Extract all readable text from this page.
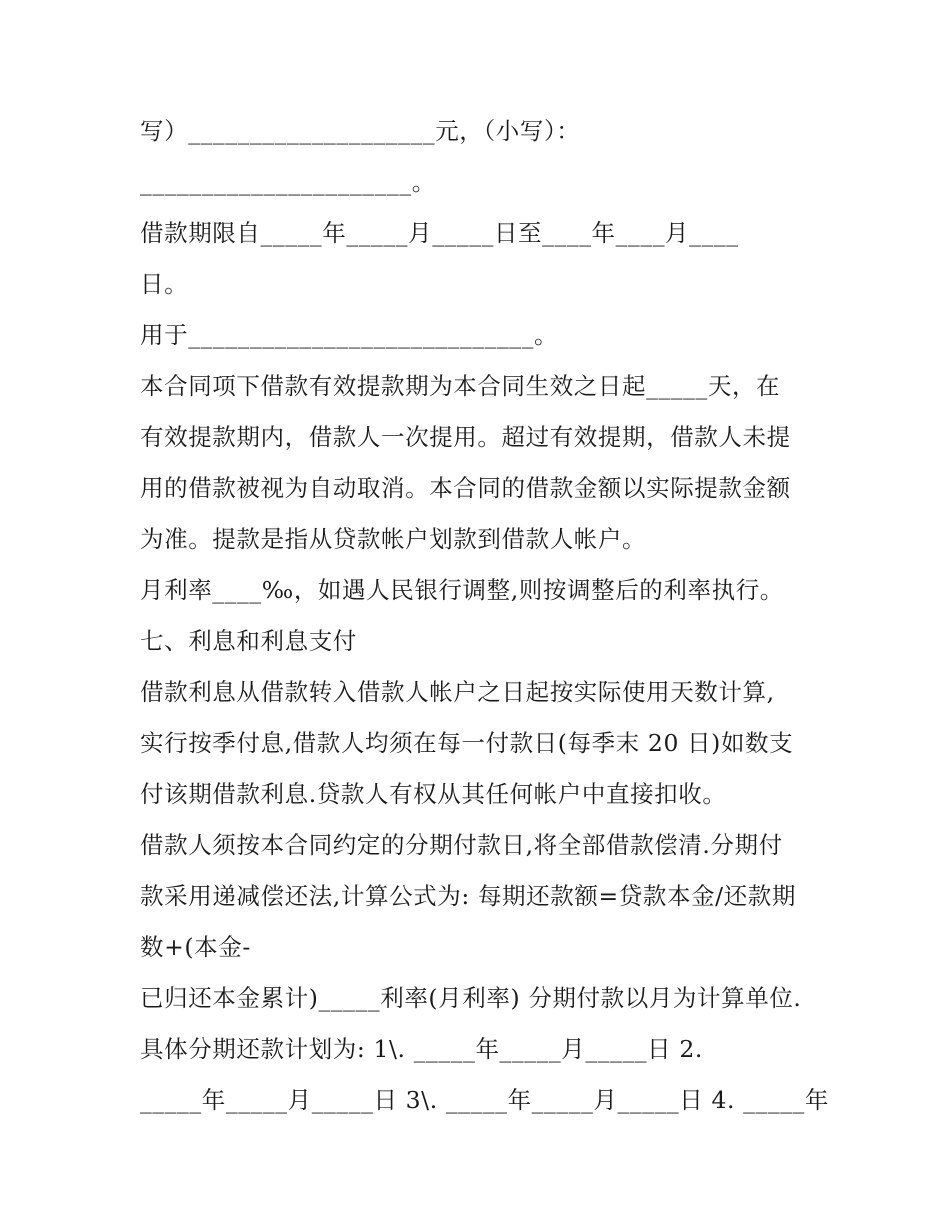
写）____________________元，（小写）：
______________________。
借款期限自_____年_____月_____日至____年____月____
日。
用于____________________________。
本合同项下借款有效提款期为本合同生效之日起_____天，在
有效提款期内，借款人一次提用。超过有效提期，借款人未提
用的借款被视为自动取消。本合同的借款金额以实际提款金额
为准。提款是指从贷款帐户划款到借款人帐户。
月利率____‰，如遇人民银行调整,则按调整后的利率执行。
七、利息和利息支付
借款利息从借款转入借款人帐户之日起按实际使用天数计算,
实行按季付息,借款人均须在每一付款日(每季末 20 日)如数支
付该期借款利息.贷款人有权从其任何帐户中直接扣收。
借款人须按本合同约定的分期付款日,将全部借款偿清.分期付
款采用递减偿还法,计算公式为: 每期还款额=贷款本金/还款期
数+(本金-
已归还本金累计)_____利率(月利率) 分期付款以月为计算单位.
具体分期还款计划为: 1\. _____年_____月_____日 2.
_____年_____月_____日 3\. _____年_____月_____日 4. _____年
